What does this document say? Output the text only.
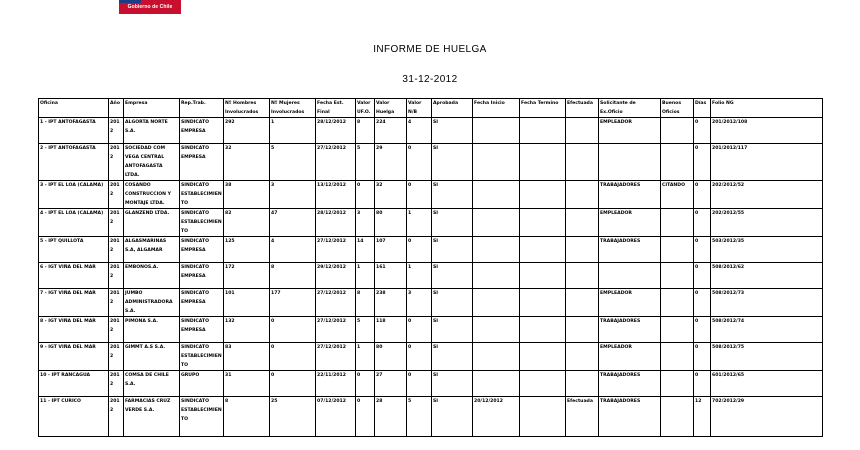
Gobierno de Chile
INFORME DE HUELGA
31-12-2012
Oficina	Año	Empresa	Rep.Trab.	Nº Hombres Involucrados	Nº Mujeres Involucrados	Fecha Est. Final	Valor UF.O.	Valor Huelga	Valor N/B	Aprobada	Fecha Inicio	Fecha Termino	Efectuada	Solicitante de Ex.Oficio	Buenos Oficios	Días	Folio NG
1 - IPT ANTOFAGASTA	2012	ALGORTA NORTE S.A.	SINDICATO EMPRESA	292	1	28/12/2012	8	224	4	SI				EMPLEADOR		0	201/2012/108
2 - IPT ANTOFAGASTA	2012	SOCIEDAD COM VEGA CENTRAL ANTOFAGASTA LTDA.	SINDICATO EMPRESA	32	5	27/12/2012	5	29	0	SI						0	201/2012/117
3 - IPT EL LOA (CALAMA)	2012	COSANDO CONSTRUCCION Y MONTAJE LTDA.	SINDICATO ESTABLECIMIENTO	38	3	13/12/2012	0	32	0	SI				TRABAJADORES	CITANDO	0	202/2012/52
4 - IPT EL LOA (CALAMA)	2012	GLANZEND LTDA.	SINDICATO ESTABLECIMIENTO	82	47	28/12/2012	3	80	1	SI				EMPLEADOR		0	202/2012/55
5 - IPT QUILLOTA	2012	ALGASMARINAS S.A, ALGAMAR	SINDICATO EMPRESA	125	4	27/12/2012	14	107	0	SI				TRABAJADORES		0	503/2012/35
6 - IGT VIÑA DEL MAR	2012	EMBONOS.A.	SINDICATO EMPRESA	172	8	29/12/2012	1	161	1	SI						0	508/2012/62
7 - IGT VIÑA DEL MAR	2012	JUMBO ADMINISTRADORA S.A.	SINDICATO EMPRESA	101	177	27/12/2012	8	238	3	SI				EMPLEADOR		0	508/2012/73
8 - IGT VIÑA DEL MAR	2012	PIMONA S.A.	SINDICATO EMPRESA	132	0	27/12/2012	5	118	0	SI				TRABAJADORES		0	508/2012/74
9 - IGT VIÑA DEL MAR	2012	GIMMT A.S S.A.	SINDICATO ESTABLECIMIENTO	83	0	27/12/2012	1	80	0	SI				EMPLEADOR		0	508/2012/75
10 - IPT RANCAGUA	2012	COMSA DE CHILE S.A.	GRUPO	31	0	22/11/2012	0	27	0	SI				TRABAJADORES		0	601/2012/65
11 - IPT CURICO	2012	FARMACIAS CRUZ VERDE S.A.	SINDICATO ESTABLECIMIENTO	8	25	07/12/2012	0	28	5	SI	20/12/2012		Efectuada	TRABAJADORES		12	702/2012/29
